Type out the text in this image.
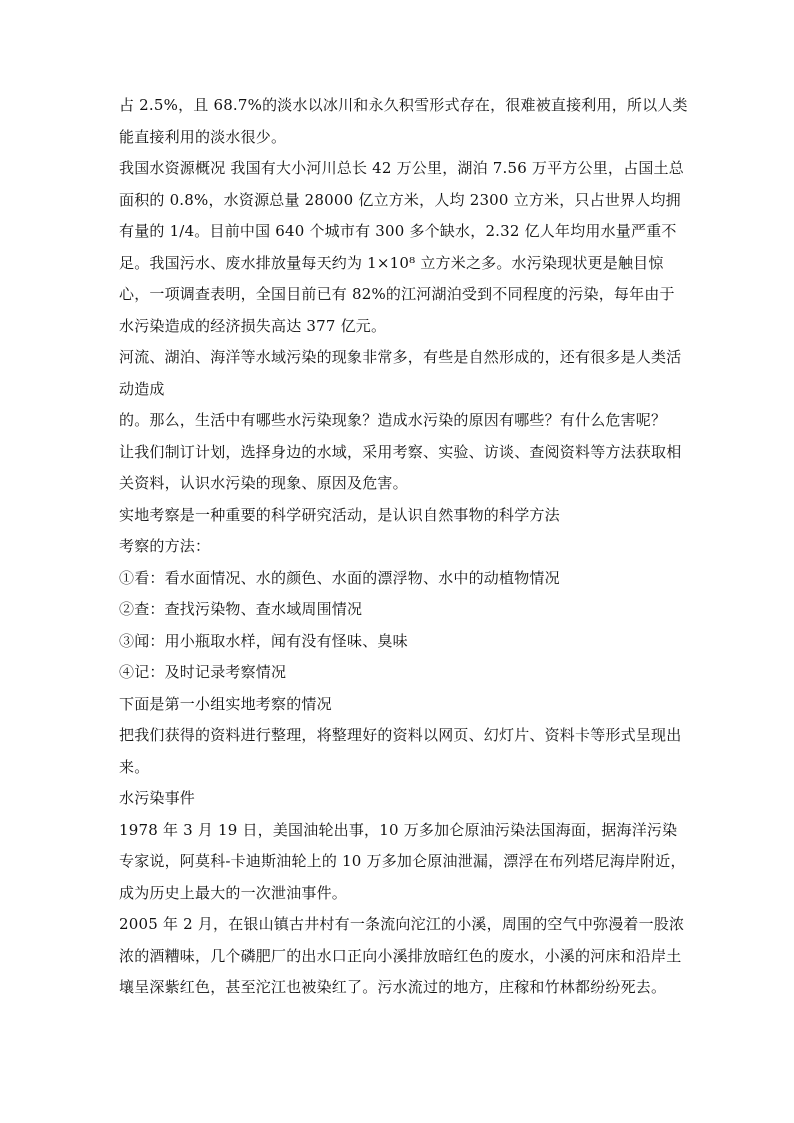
占 2.5%，且 68.7%的淡水以冰川和永久积雪形式存在，很难被直接利用，所以人类能直接利用的淡水很少。

我国水资源概况 我国有大小河川总长 42 万公里，湖泊 7.56 万平方公里，占国土总面积的 0.8%，水资源总量 28000 亿立方米，人均 2300 立方米，只占世界人均拥有量的 1/4。目前中国 640 个城市有 300 多个缺水，2.32 亿人年均用水量严重不足。我国污水、废水排放量每天约为 1×10⁸ 立方米之多。水污染现状更是触目惊心，一项调查表明，全国目前已有 82%的江河湖泊受到不同程度的污染，每年由于水污染造成的经济损失高达 377 亿元。

河流、湖泊、海洋等水域污染的现象非常多，有些是自然形成的，还有很多是人类活动造成

的。那么，生活中有哪些水污染现象？造成水污染的原因有哪些？有什么危害呢？

让我们制订计划，选择身边的水域，采用考察、实验、访谈、查阅资料等方法获取相关资料，认识水污染的现象、原因及危害。

实地考察是一种重要的科学研究活动，是认识自然事物的科学方法

考察的方法：

①看：看水面情况、水的颜色、水面的漂浮物、水中的动植物情况

②查：查找污染物、查水域周围情况

③闻：用小瓶取水样，闻有没有怪味、臭味

④记：及时记录考察情况

下面是第一小组实地考察的情况

把我们获得的资料进行整理，将整理好的资料以网页、幻灯片、资料卡等形式呈现出来。

水污染事件

1978 年 3 月 19 日，美国油轮出事，10 万多加仑原油污染法国海面，据海洋污染专家说，阿莫科-卡迪斯油轮上的 10 万多加仑原油泄漏，漂浮在布列塔尼海岸附近，成为历史上最大的一次泄油事件。

2005 年 2 月，在银山镇古井村有一条流向沱江的小溪，周围的空气中弥漫着一股浓浓的酒糟味，几个磷肥厂的出水口正向小溪排放暗红色的废水，小溪的河床和沿岸土壤呈深紫红色，甚至沱江也被染红了。污水流过的地方，庄稼和竹林都纷纷死去。
